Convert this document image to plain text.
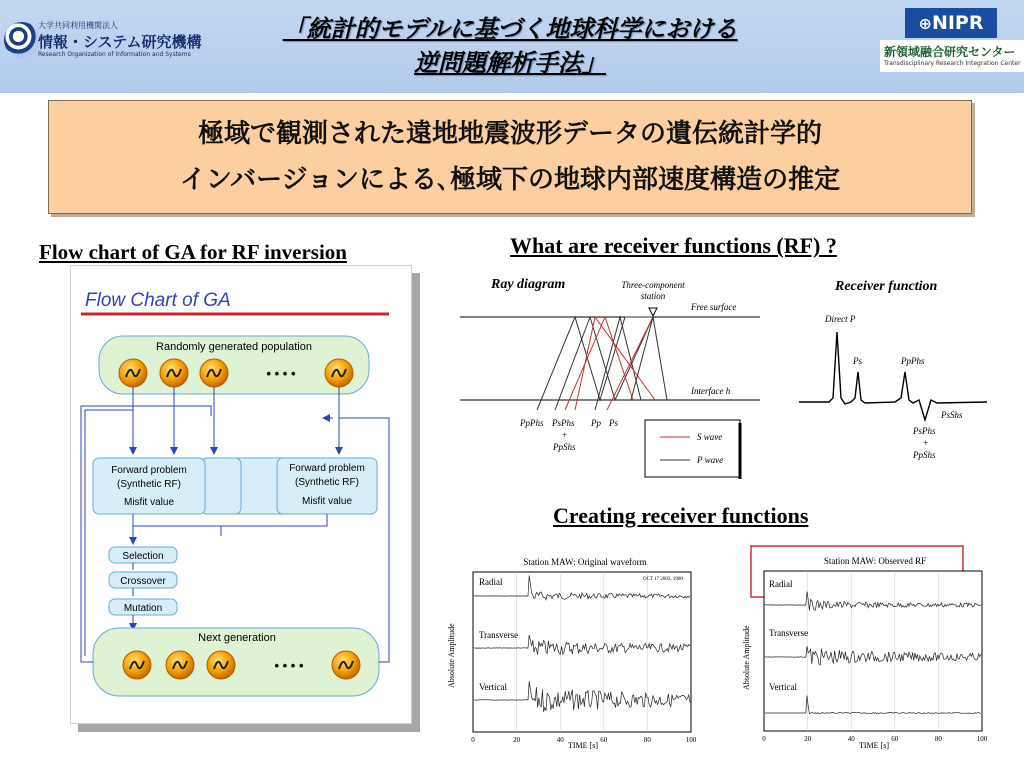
大学共同利用機関法人
情報・システム研究機構
Research Organization of Information and Systems
「統計的モデルに基づく地球科学における
逆問題解析手法」
⊕NIPR
新領域融合研究センター
Transdisciplinary Research Integration Center
極域で観測された遠地地震波形データの遺伝統計学的
インバージョンによる､極域下の地球内部速度構造の推定
Flow chart of GA for RF inversion	What are receiver functions (RF) ?
Creating receiver functions
Flow Chart of GA
Randomly generated population
• • • •
Forward problem
(Synthetic RF)
Misfit value
Forward problem
(Synthetic RF)
Misfit value
Selection
Crossover
Mutation
Next generation
• • • •
Ray diagram	Three-component
station
Free surface
Interface h
PpPhs PsPhs Pp Ps
+
PpShs
S wave
P wave
Receiver function
Direct P
Ps	PpPhs
PsShs
PsPhs
+
PpShs
Station MAW: Original waveform
Absolute Amplitude
Radial
Transverse
Vertical
OCT 17 2003, 1900
0	20	40	60	80	100
TIME [s]
Station MAW: Observed RF
Absolute Amplitude
Radial
Transverse
Vertical
0	20	40	60	80	100
TIME [s]
